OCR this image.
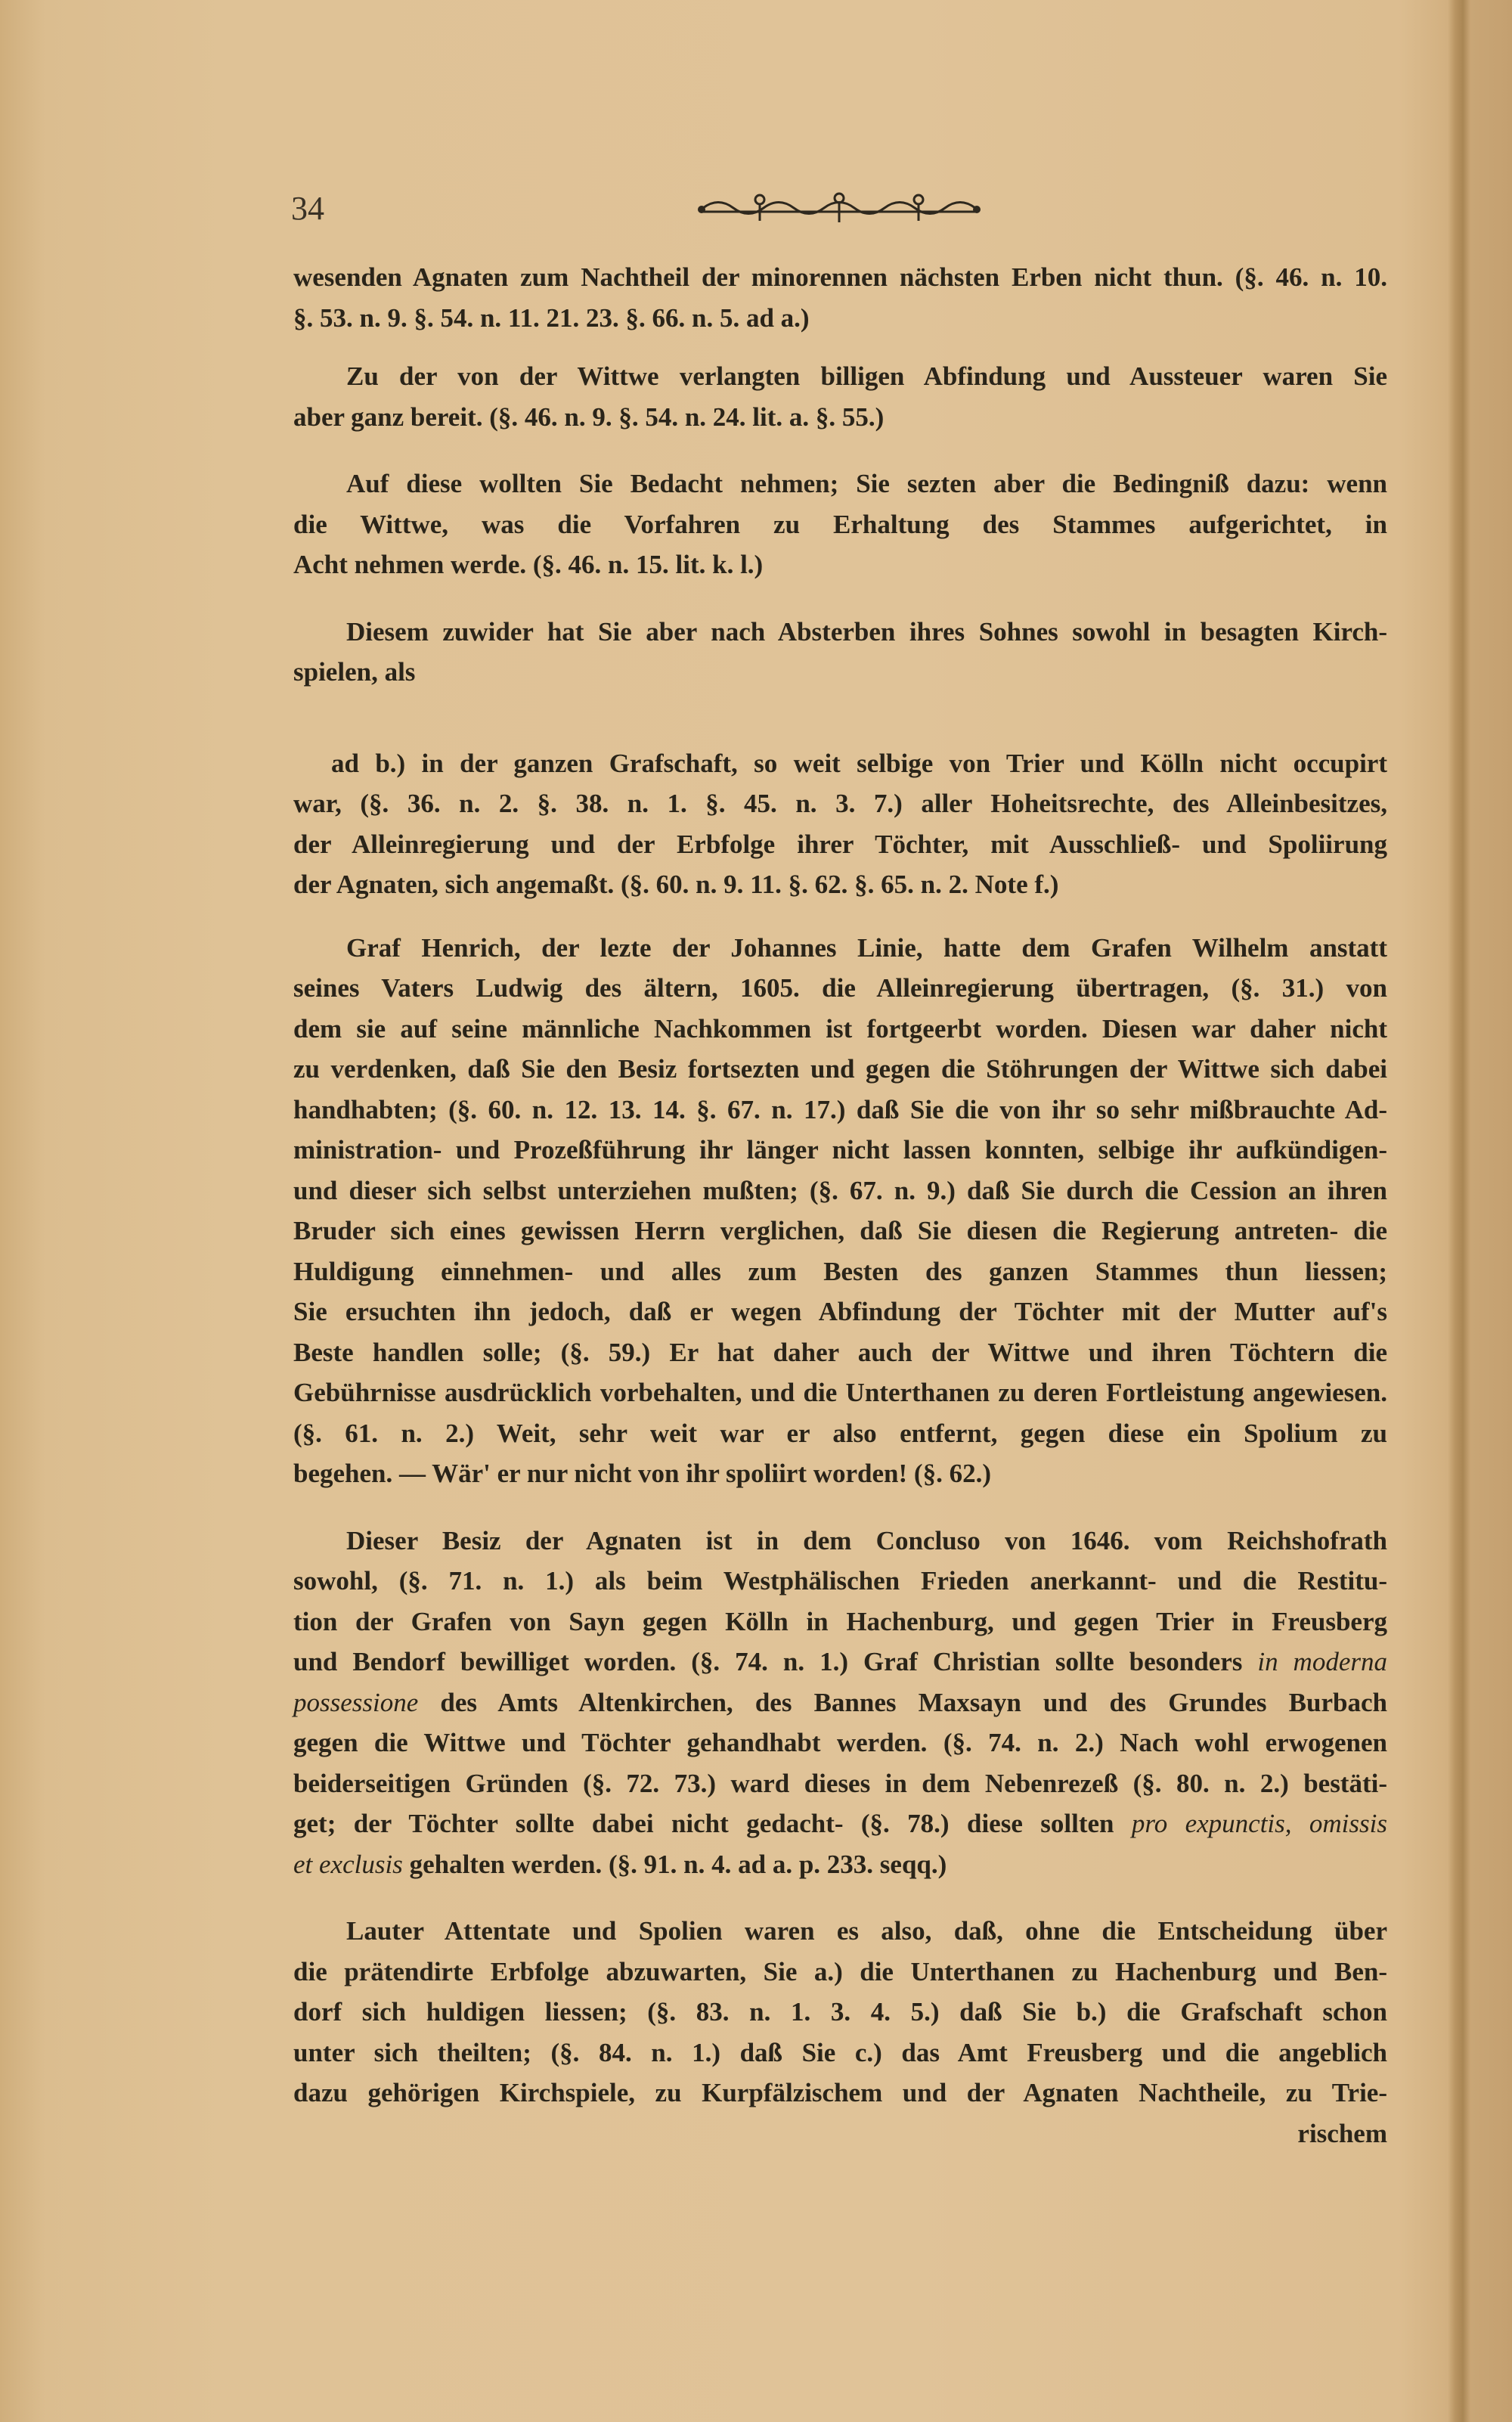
34
wesenden Agnaten zum Nachtheil der minorennen nächsten Erben nicht thun. (§. 46. n. 10.
§. 53. n. 9. §. 54. n. 11. 21. 23. §. 66. n. 5. ad a.)
Zu der von der Wittwe verlangten billigen Abfindung und Aussteuer waren Sie
aber ganz bereit. (§. 46. n. 9. §. 54. n. 24. lit. a. §. 55.)
Auf diese wollten Sie Bedacht nehmen; Sie sezten aber die Bedingniß dazu: wenn
die Wittwe, was die Vorfahren zu Erhaltung des Stammes aufgerichtet, in
Acht nehmen werde. (§. 46. n. 15. lit. k. l.)
Diesem zuwider hat Sie aber nach Absterben ihres Sohnes sowohl in besagten Kirch-
spielen, als
ad b.) in der ganzen Grafschaft, so weit selbige von Trier und Kölln nicht occupirt
war, (§. 36. n. 2. §. 38. n. 1. §. 45. n. 3. 7.) aller Hoheitsrechte, des Alleinbesitzes,
der Alleinregierung und der Erbfolge ihrer Töchter, mit Ausschließ- und Spoliirung
der Agnaten, sich angemaßt. (§. 60. n. 9. 11. §. 62. §. 65. n. 2. Note f.)
Graf Henrich, der lezte der Johannes Linie, hatte dem Grafen Wilhelm anstatt
seines Vaters Ludwig des ältern, 1605. die Alleinregierung übertragen, (§. 31.) von
dem sie auf seine männliche Nachkommen ist fortgeerbt worden. Diesen war daher nicht
zu verdenken, daß Sie den Besiz fortsezten und gegen die Stöhrungen der Wittwe sich dabei
handhabten; (§. 60. n. 12. 13. 14. §. 67. n. 17.) daß Sie die von ihr so sehr mißbrauchte Ad-
ministration- und Prozeßführung ihr länger nicht lassen konnten, selbige ihr aufkündigen-
und dieser sich selbst unterziehen mußten; (§. 67. n. 9.) daß Sie durch die Cession an ihren
Bruder sich eines gewissen Herrn verglichen, daß Sie diesen die Regierung antreten- die
Huldigung einnehmen- und alles zum Besten des ganzen Stammes thun liessen;
Sie ersuchten ihn jedoch, daß er wegen Abfindung der Töchter mit der Mutter auf's
Beste handlen solle; (§. 59.) Er hat daher auch der Wittwe und ihren Töchtern die
Gebührnisse ausdrücklich vorbehalten, und die Unterthanen zu deren Fortleistung angewiesen.
(§. 61. n. 2.) Weit, sehr weit war er also entfernt, gegen diese ein Spolium zu
begehen. — Wär' er nur nicht von ihr spoliirt worden! (§. 62.)
Dieser Besiz der Agnaten ist in dem Concluso von 1646. vom Reichshofrath
sowohl, (§. 71. n. 1.) als beim Westphälischen Frieden anerkannt- und die Restitu-
tion der Grafen von Sayn gegen Kölln in Hachenburg, und gegen Trier in Freusberg
und Bendorf bewilliget worden. (§. 74. n. 1.) Graf Christian sollte besonders in moderna
possessione des Amts Altenkirchen, des Bannes Maxsayn und des Grundes Burbach
gegen die Wittwe und Töchter gehandhabt werden. (§. 74. n. 2.) Nach wohl erwogenen
beiderseitigen Gründen (§. 72. 73.) ward dieses in dem Nebenrezeß (§. 80. n. 2.) bestäti-
get; der Töchter sollte dabei nicht gedacht- (§. 78.) diese sollten pro expunctis, omissis
et exclusis gehalten werden. (§. 91. n. 4. ad a. p. 233. seqq.)
Lauter Attentate und Spolien waren es also, daß, ohne die Entscheidung über
die prätendirte Erbfolge abzuwarten, Sie a.) die Unterthanen zu Hachenburg und Ben-
dorf sich huldigen liessen; (§. 83. n. 1. 3. 4. 5.) daß Sie b.) die Grafschaft schon
unter sich theilten; (§. 84. n. 1.) daß Sie c.) das Amt Freusberg und die angeblich
dazu gehörigen Kirchspiele, zu Kurpfälzischem und der Agnaten Nachtheile, zu Trie-
rischem
